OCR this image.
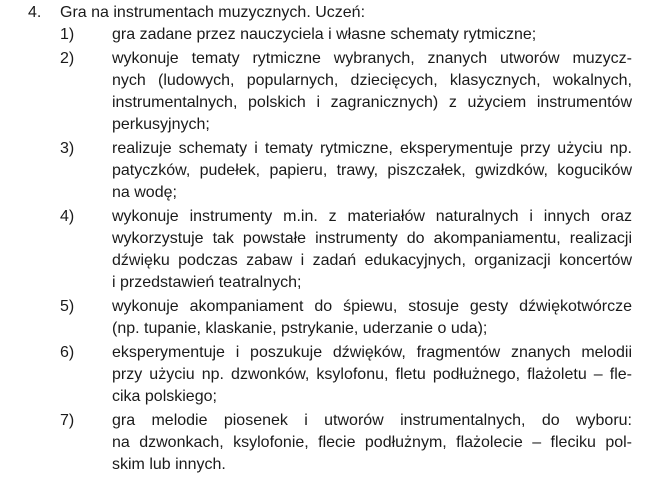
4. Gra na instrumentach muzycznych. Uczeń:
1)	gra zadane przez nauczyciela i własne schematy rytmiczne;
2)	wykonuje tematy rytmiczne wybranych, znanych utworów muzycz-
nych (ludowych, popularnych, dziecięcych, klasycznych, wokalnych,
instrumentalnych, polskich i zagranicznych) z użyciem instrumentów
perkusyjnych;
3)	realizuje schematy i tematy rytmiczne, eksperymentuje przy użyciu np.
patyczków, pudełek, papieru, trawy, piszczałek, gwizdków, kogucików
na wodę;
4)	wykonuje instrumenty m.in. z materiałów naturalnych i innych oraz
wykorzystuje tak powstałe instrumenty do akompaniamentu, realizacji
dźwięku podczas zabaw i zadań edukacyjnych, organizacji koncertów
i przedstawień teatralnych;
5)	wykonuje akompaniament do śpiewu, stosuje gesty dźwiękotwórcze
(np. tupanie, klaskanie, pstrykanie, uderzanie o uda);
6)	eksperymentuje i poszukuje dźwięków, fragmentów znanych melodii
przy użyciu np. dzwonków, ksylofonu, fletu podłużnego, flażoletu – fle-
cika polskiego;
7)	gra melodie piosenek i utworów instrumentalnych, do wyboru:
na dzwonkach, ksylofonie, flecie podłużnym, flażolecie – fleciku pol-
skim lub innych.
